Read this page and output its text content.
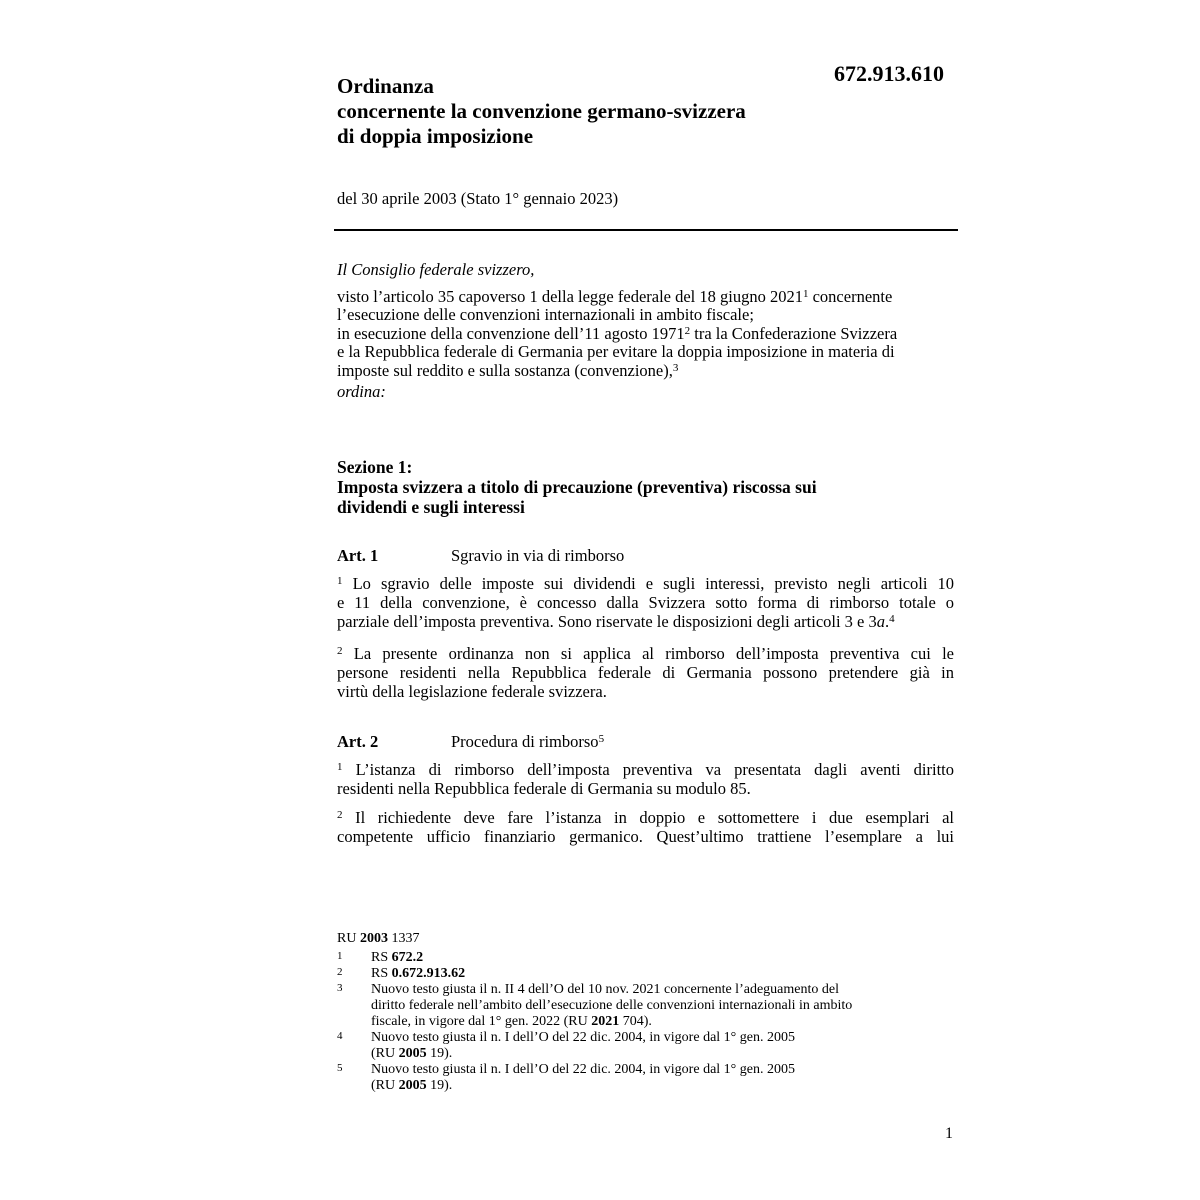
672.913.610
Ordinanza
concernente la convenzione germano-svizzera
di doppia imposizione
del 30 aprile 2003 (Stato 1° gennaio 2023)

Il Consiglio federale svizzero,

visto l’articolo 35 capoverso 1 della legge federale del 18 giugno 2021$^1$ concernente
l’esecuzione delle convenzioni internazionali in ambito fiscale;

in esecuzione della convenzione dell’11 agosto 1971$^2$ tra la Confederazione Svizzera
e la Repubblica federale di Germania per evitare la doppia imposizione in materia di
imposte sul reddito e sulla sostanza (convenzione),$^3$

ordina:

Sezione 1:
Imposta svizzera a titolo di precauzione (preventiva) riscossa sui
dividendi e sugli interessi
Art. 1	Sgravio in via di rimborso
$^1$ Lo sgravio delle imposte sui dividendi e sugli interessi, previsto negli articoli 10
e 11 della convenzione, è concesso dalla Svizzera sotto forma di rimborso totale o
parziale dell’imposta preventiva. Sono riservate le disposizioni degli articoli 3 e 3a.$^4$
$^2$ La presente ordinanza non si applica al rimborso dell’imposta preventiva cui le
persone residenti nella Repubblica federale di Germania possono pretendere già in
virtù della legislazione federale svizzera.
Art. 2	Procedura di rimborso$^5$
$^1$ L’istanza di rimborso dell’imposta preventiva va presentata dagli aventi diritto
residenti nella Repubblica federale di Germania su modulo 85.
$^2$ Il richiedente deve fare l’istanza in doppio e sottomettere i due esemplari al
competente ufficio finanziario germanico. Quest’ultimo trattiene l’esemplare a lui
RU 2003 1337
1 RS 672.2
2 RS 0.672.913.62
3 Nuovo testo giusta il n. II 4 dell’O del 10 nov. 2021 concernente l’adeguamento del
diritto federale nell’ambito dell’esecuzione delle convenzioni internazionali in ambito
fiscale, in vigore dal 1° gen. 2022 (RU 2021 704).
4 Nuovo testo giusta il n. I dell’O del 22 dic. 2004, in vigore dal 1° gen. 2005
(RU 2005 19).
5 Nuovo testo giusta il n. I dell’O del 22 dic. 2004, in vigore dal 1° gen. 2005
(RU 2005 19).
1
